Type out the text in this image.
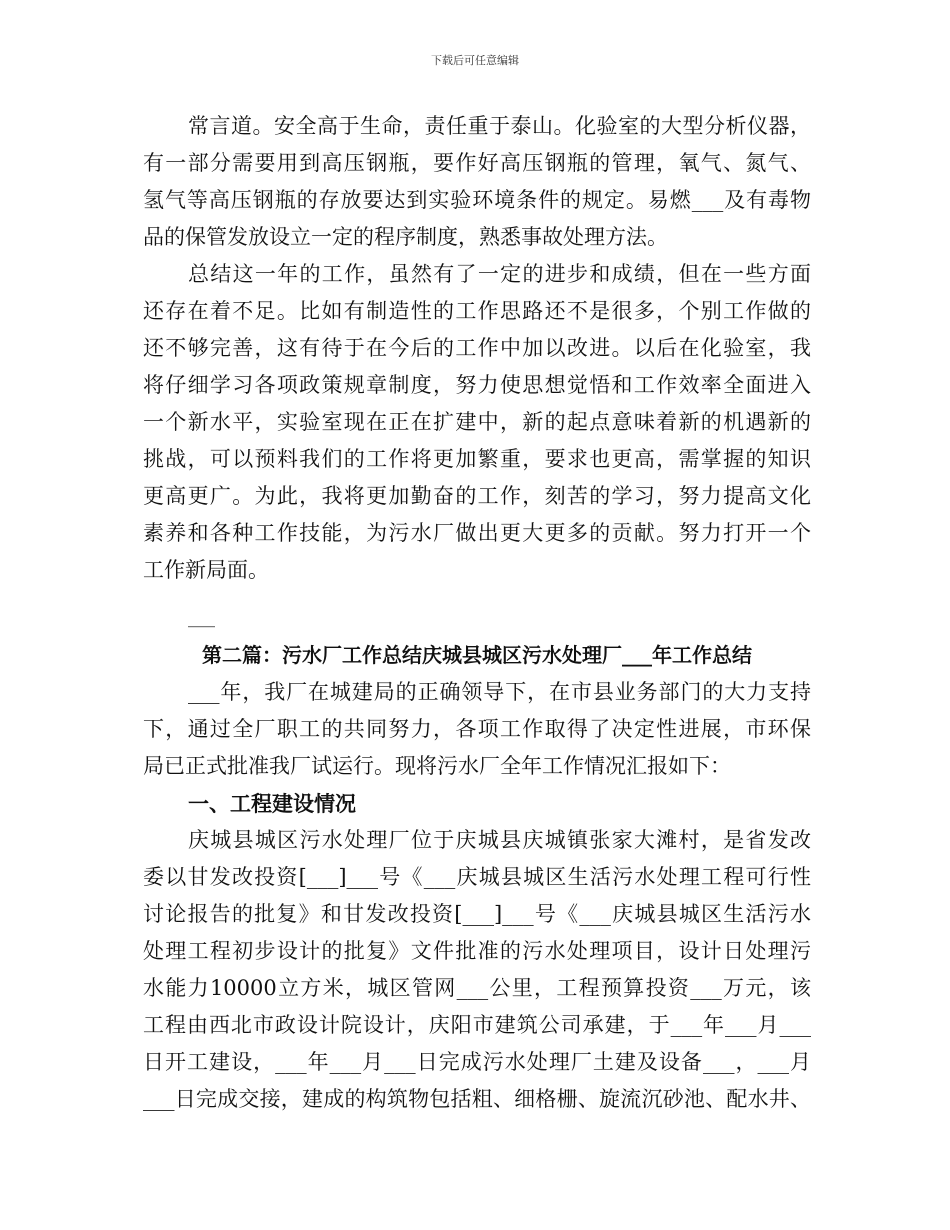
下载后可任意编辑
常言道。安全高于生命，责任重于泰山。化验室的大型分析仪器，
有一部分需要用到高压钢瓶，要作好高压钢瓶的管理，氧气、氮气、
氢气等高压钢瓶的存放要达到实验环境条件的规定。易燃___及有毒物
品的保管发放设立一定的程序制度，熟悉事故处理方法。
总结这一年的工作，虽然有了一定的进步和成绩，但在一些方面
还存在着不足。比如有制造性的工作思路还不是很多，个别工作做的
还不够完善，这有待于在今后的工作中加以改进。以后在化验室，我
将仔细学习各项政策规章制度，努力使思想觉悟和工作效率全面进入
一个新水平，实验室现在正在扩建中，新的起点意味着新的机遇新的
挑战，可以预料我们的工作将更加繁重，要求也更高，需掌握的知识
更高更广。为此，我将更加勤奋的工作，刻苦的学习，努力提高文化
素养和各种工作技能，为污水厂做出更大更多的贡献。努力打开一个
工作新局面。
___
第二篇：污水厂工作总结庆城县城区污水处理厂___年工作总结
___年，我厂在城建局的正确领导下，在市县业务部门的大力支持
下，通过全厂职工的共同努力，各项工作取得了决定性进展，市环保
局已正式批准我厂试运行。现将污水厂全年工作情况汇报如下：
一、工程建设情况
庆城县城区污水处理厂位于庆城县庆城镇张家大滩村，是省发改
委以甘发改投资[___]___号《___庆城县城区生活污水处理工程可行性
讨论报告的批复》和甘发改投资[___]___号《___庆城县城区生活污水
处理工程初步设计的批复》文件批准的污水处理项目，设计日处理污
水能力10000立方米，城区管网___公里，工程预算投资___万元，该
工程由西北市政设计院设计，庆阳市建筑公司承建，于___年___月___
日开工建设，___年___月___日完成污水处理厂土建及设备___，___月
___日完成交接，建成的构筑物包括粗、细格栅、旋流沉砂池、配水井、
